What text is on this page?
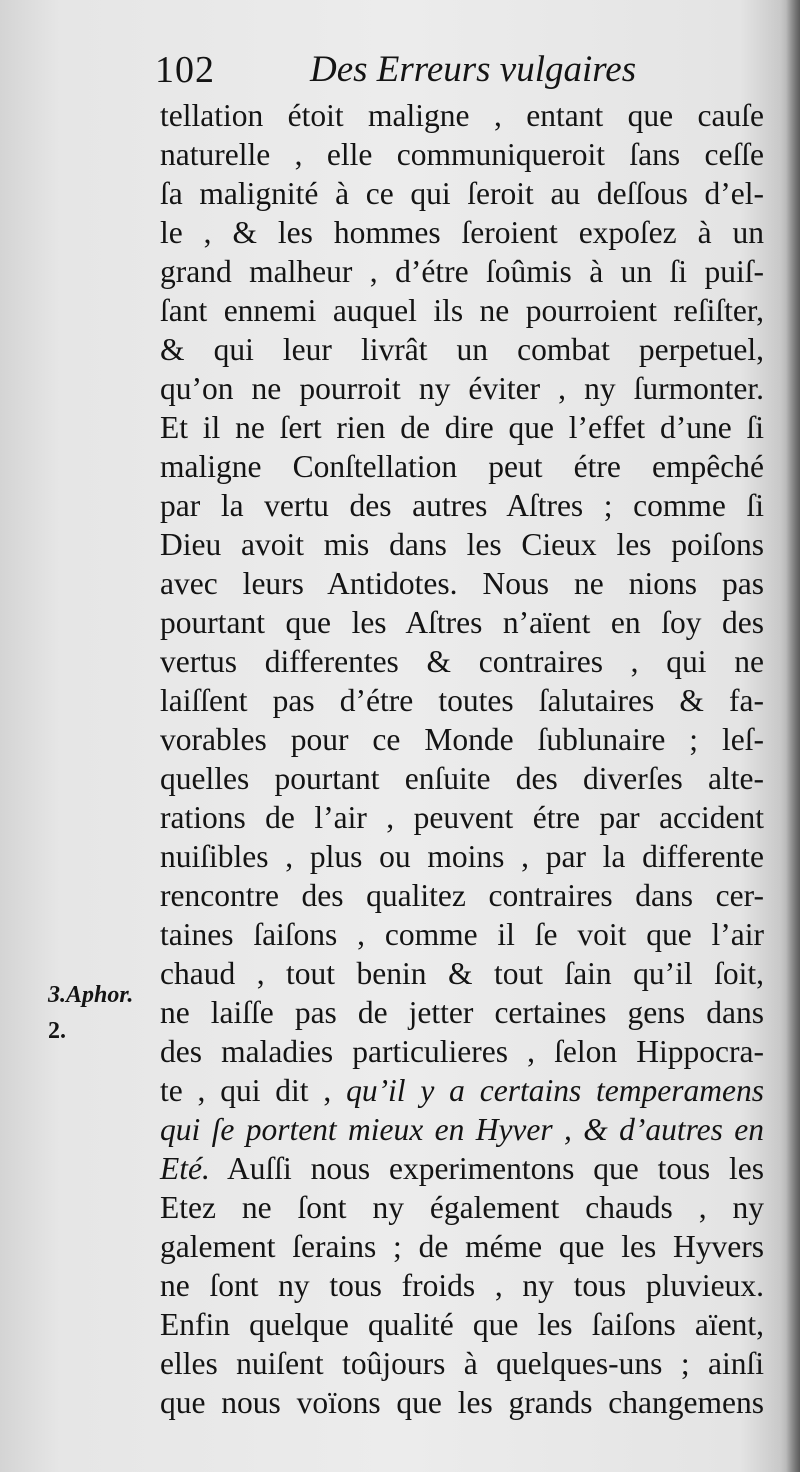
102	Des Erreurs vulgaires
3.Aphor.
2.
tellation étoit maligne , entant que cauſe
naturelle , elle communiqueroit ſans ceſſe
ſa malignité à ce qui ſeroit au deſſous d’el-
le , & les hommes ſeroient expoſez à un
grand malheur , d’étre ſoûmis à un ſi puiſ-
ſant ennemi auquel ils ne pourroient reſiſter,
& qui leur livrât un combat perpetuel,
qu’on ne pourroit ny éviter , ny ſurmonter.
Et il ne ſert rien de dire que l’effet d’une ſi
maligne Conſtellation peut étre empêché
par la vertu des autres Aſtres ; comme ſi
Dieu avoit mis dans les Cieux les poiſons
avec leurs Antidotes. Nous ne nions pas
pourtant que les Aſtres n’aïent en ſoy des
vertus differentes & contraires , qui ne
laiſſent pas d’étre toutes ſalutaires & fa-
vorables pour ce Monde ſublunaire ; leſ-
quelles pourtant enſuite des diverſes alte-
rations de l’air , peuvent étre par accident
nuiſibles , plus ou moins , par la differente
rencontre des qualitez contraires dans cer-
taines ſaiſons , comme il ſe voit que l’air
chaud , tout benin & tout ſain qu’il ſoit,
ne laiſſe pas de jetter certaines gens dans
des maladies particulieres , ſelon Hippocra-
te , qui dit , qu’il y a certains temperamens
qui ſe portent mieux en Hyver , & d’autres en
Eté. Auſſi nous experimentons que tous les
Etez ne ſont ny également chauds , ny
galement ſerains ; de méme que les Hyvers
ne ſont ny tous froids , ny tous pluvieux.
Enfin quelque qualité que les ſaiſons aïent,
elles nuiſent toûjours à quelques-uns ; ainſi
que nous voïons que les grands changemens
